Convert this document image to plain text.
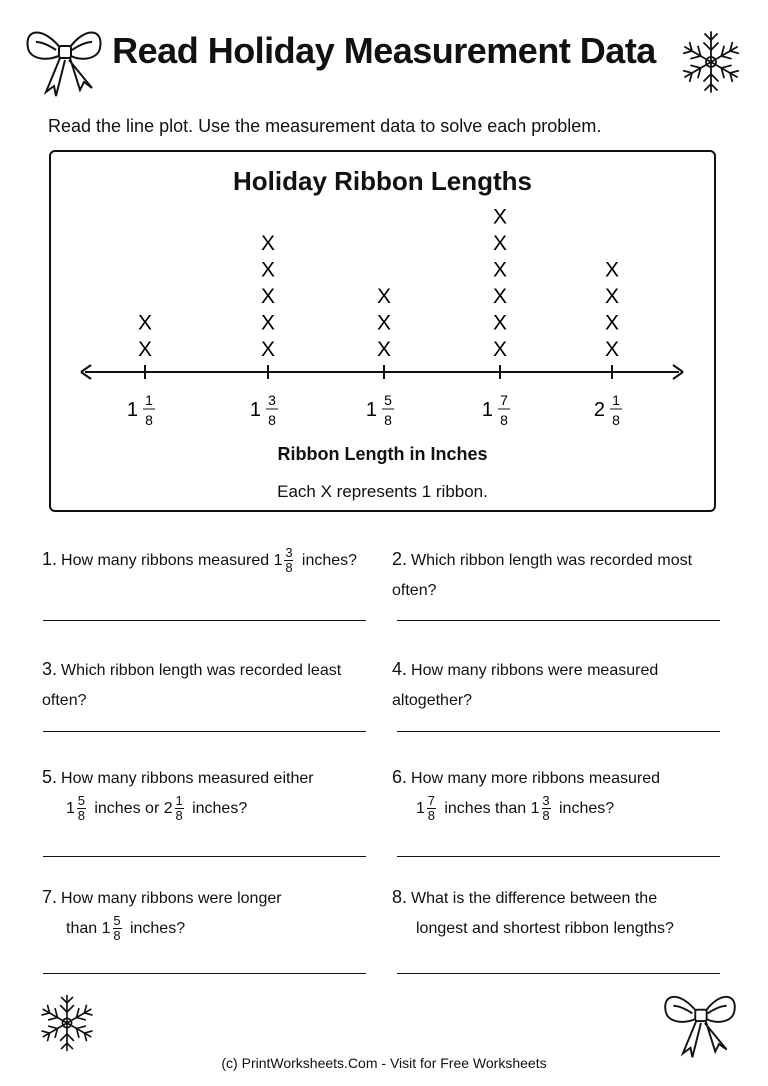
Read Holiday Measurement Data
Read the line plot. Use the measurement data to solve each problem.
Holiday Ribbon Lengths
1 1
8
X
X
1 3
8
X
X
X
X
X
1 5
8
X
X
X
1 7
8
X
X
X
X
X
X
2 1
8
X
X
X
X
Ribbon Length in Inches
Each X represents 1 ribbon.
1. How many ribbons measured $1 \frac{3}{8}$ inches?	2. Which ribbon length was recorded most often?
3. Which ribbon length was recorded least often?
4. How many ribbons were measured altogether?
5. How many ribbons measured either
$1 \frac{5}{8}$ inches or $2 \frac{1}{8}$ inches?
6. How many more ribbons measured
$1 \frac{7}{8}$ inches than $1 \frac{3}{8}$ inches?
7. How many ribbons were longer
than $1 \frac{5}{8}$ inches?
8. What is the difference between the
longest and shortest ribbon lengths?
(c) PrintWorksheets.Com - Visit for Free Worksheets
